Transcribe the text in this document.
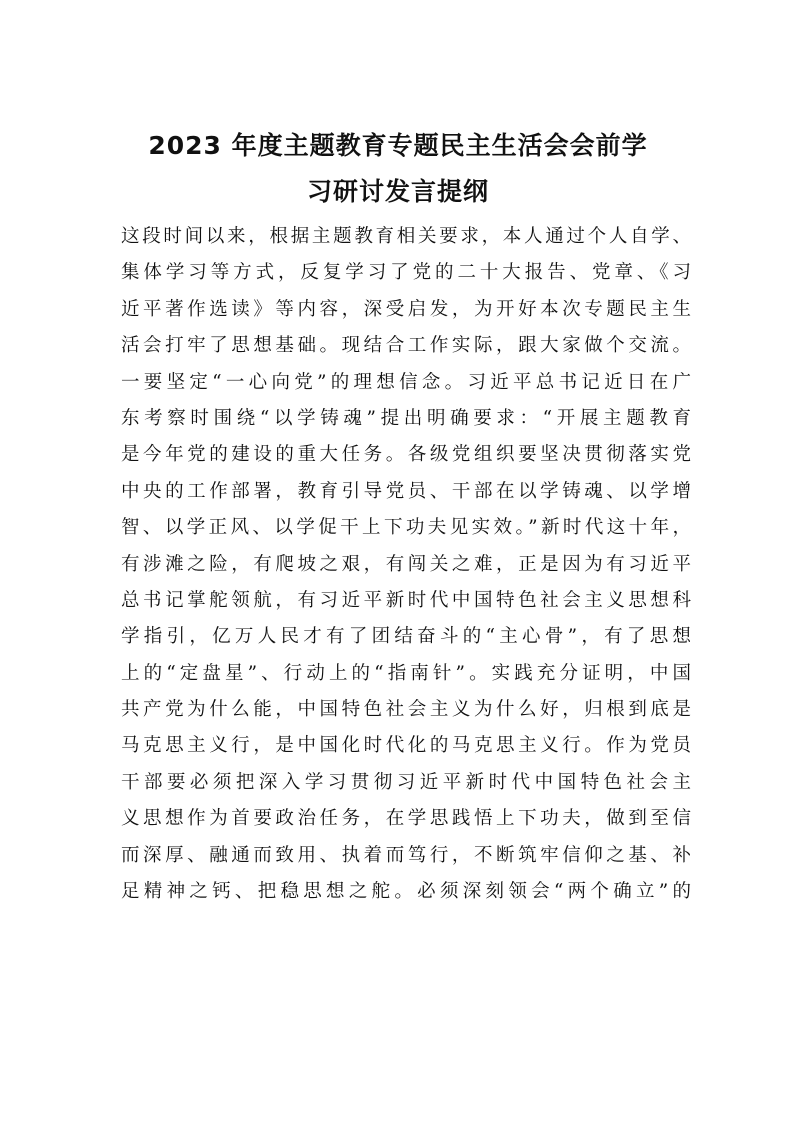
2023 年度主题教育专题民主生活会会前学
习研讨发言提纲
这段时间以来，根据主题教育相关要求，本人通过个人自学、
集体学习等方式，反复学习了党的二十大报告、党章、《习
近平著作选读》等内容，深受启发，为开好本次专题民主生
活会打牢了思想基础。现结合工作实际，跟大家做个交流。
一要坚定“一心向党”的理想信念。习近平总书记近日在广
东考察时围绕“以学铸魂”提出明确要求：“开展主题教育
是今年党的建设的重大任务。各级党组织要坚决贯彻落实党
中央的工作部署，教育引导党员、干部在以学铸魂、以学增
智、以学正风、以学促干上下功夫见实效。”新时代这十年，
有涉滩之险，有爬坡之艰，有闯关之难，正是因为有习近平
总书记掌舵领航，有习近平新时代中国特色社会主义思想科
学指引，亿万人民才有了团结奋斗的“主心骨”，有了思想
上的“定盘星”、行动上的“指南针”。实践充分证明，中国
共产党为什么能，中国特色社会主义为什么好，归根到底是
马克思主义行，是中国化时代化的马克思主义行。作为党员
干部要必须把深入学习贯彻习近平新时代中国特色社会主
义思想作为首要政治任务，在学思践悟上下功夫，做到至信
而深厚、融通而致用、执着而笃行，不断筑牢信仰之基、补
足精神之钙、把稳思想之舵。必须深刻领会“两个确立”的
